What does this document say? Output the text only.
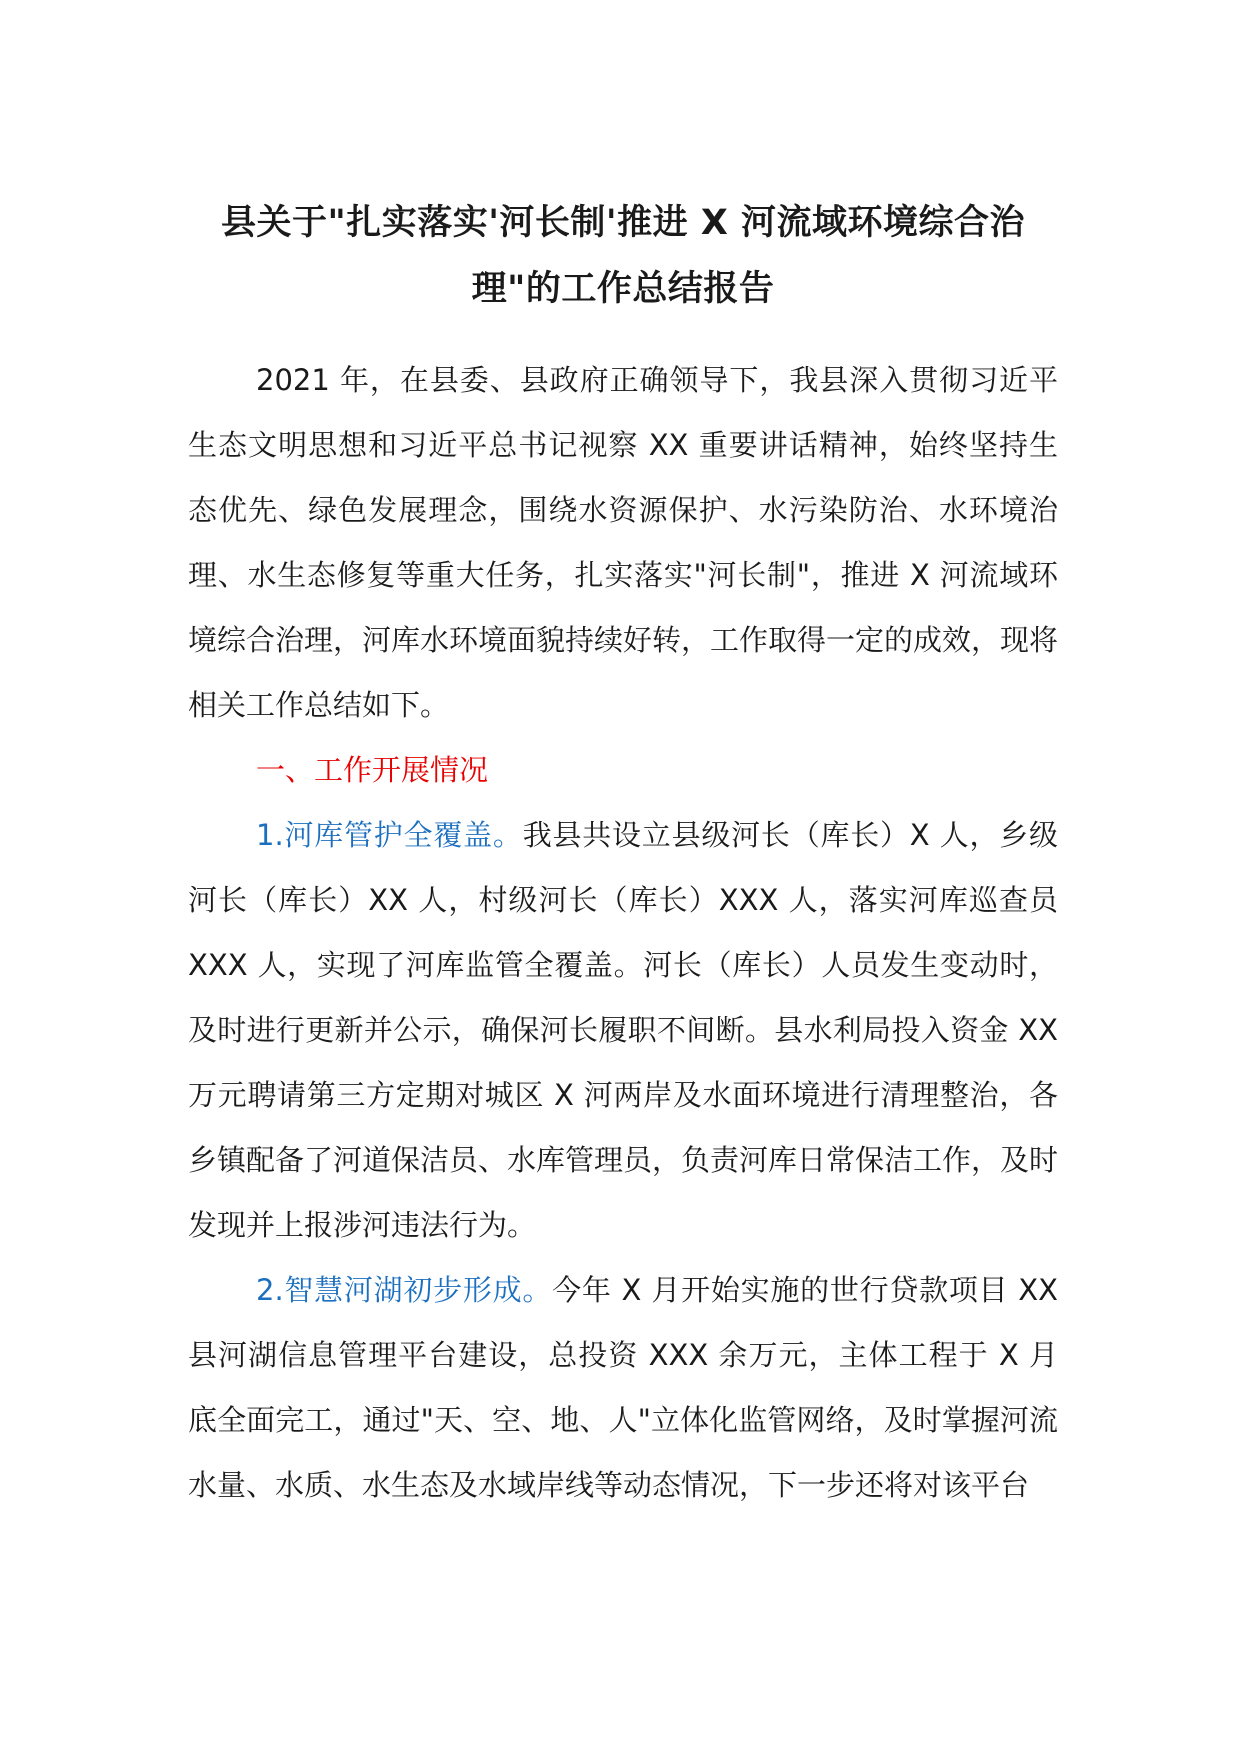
县关于"扎实落实'河长制'推进 X 河流域环境综合治理"的工作总结报告

2021 年，在县委、县政府正确领导下，我县深入贯彻习近平生态文明思想和习近平总书记视察 XX 重要讲话精神，始终坚持生态优先、绿色发展理念，围绕水资源保护、水污染防治、水环境治理、水生态修复等重大任务，扎实落实"河长制"，推进 X 河流域环境综合治理，河库水环境面貌持续好转，工作取得一定的成效，现将相关工作总结如下。

一、工作开展情况

1.河库管护全覆盖。我县共设立县级河长（库长）X 人，乡级河长（库长）XX 人，村级河长（库长）XXX 人，落实河库巡查员 XXX 人，实现了河库监管全覆盖。河长（库长）人员发生变动时，及时进行更新并公示，确保河长履职不间断。县水利局投入资金 XX 万元聘请第三方定期对城区 X 河两岸及水面环境进行清理整治，各乡镇配备了河道保洁员、水库管理员，负责河库日常保洁工作，及时发现并上报涉河违法行为。

2.智慧河湖初步形成。今年 X 月开始实施的世行贷款项目 XX 县河湖信息管理平台建设，总投资 XXX 余万元，主体工程于 X 月底全面完工，通过"天、空、地、人"立体化监管网络，及时掌握河流水量、水质、水生态及水域岸线等动态情况，下一步还将对该平台
